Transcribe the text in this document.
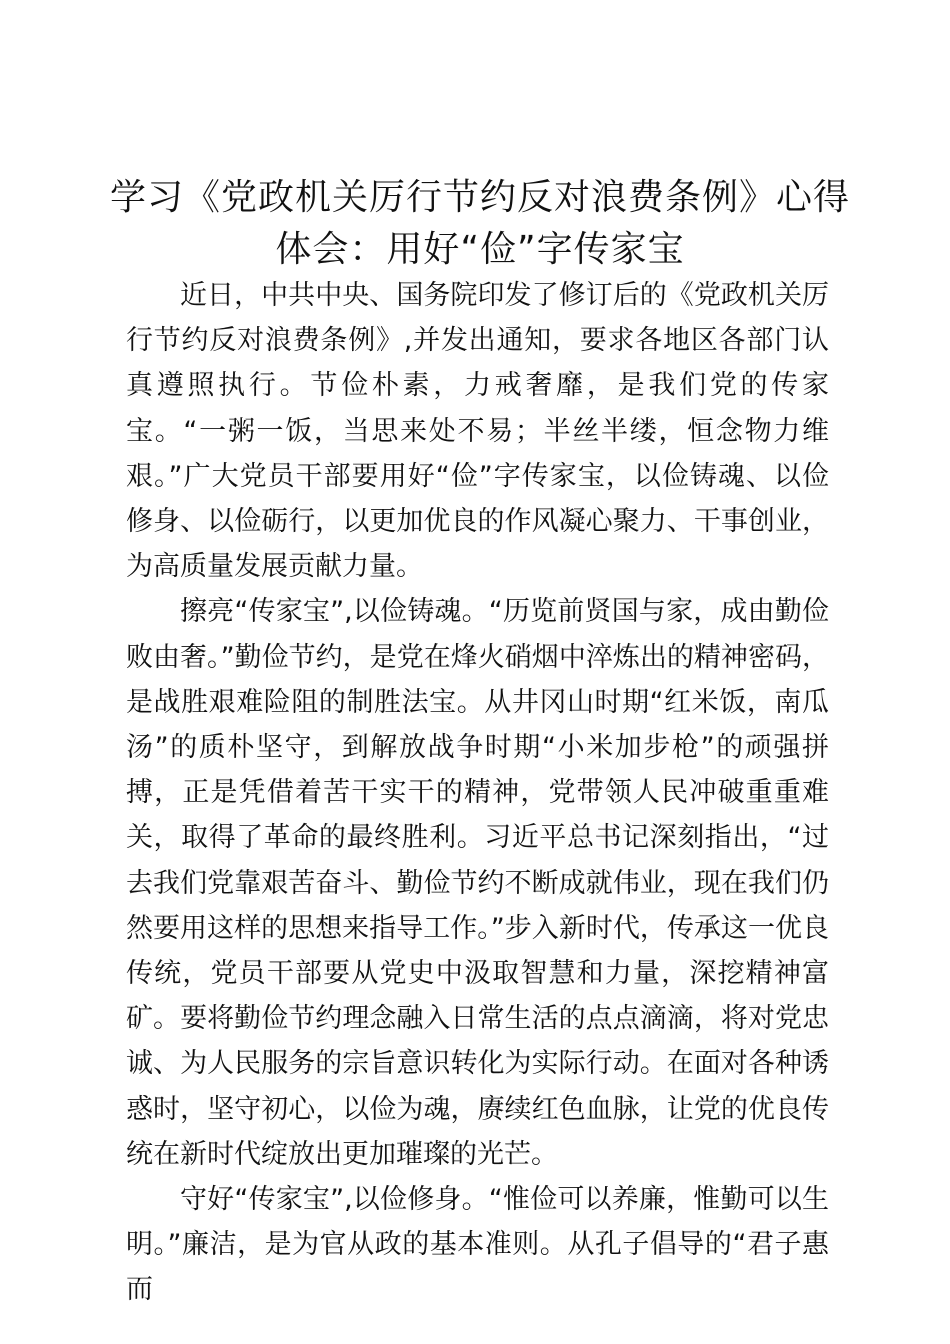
学习《党政机关厉行节约反对浪费条例》心得体会：用好“俭”字传家宝

近日，中共中央、国务院印发了修订后的《党政机关厉行节约反对浪费条例》,并发出通知，要求各地区各部门认真遵照执行。节俭朴素，力戒奢靡，是我们党的传家宝。“一粥一饭，当思来处不易；半丝半缕，恒念物力维艰。”广大党员干部要用好“俭”字传家宝，以俭铸魂、以俭修身、以俭砺行，以更加优良的作风凝心聚力、干事创业，为高质量发展贡献力量。

擦亮“传家宝”,以俭铸魂。“历览前贤国与家，成由勤俭败由奢。”勤俭节约，是党在烽火硝烟中淬炼出的精神密码，是战胜艰难险阻的制胜法宝。从井冈山时期“红米饭，南瓜汤”的质朴坚守，到解放战争时期“小米加步枪”的顽强拼搏，正是凭借着苦干实干的精神，党带领人民冲破重重难关，取得了革命的最终胜利。习近平总书记深刻指出，“过去我们党靠艰苦奋斗、勤俭节约不断成就伟业，现在我们仍然要用这样的思想来指导工作。”步入新时代，传承这一优良传统，党员干部要从党史中汲取智慧和力量，深挖精神富矿。要将勤俭节约理念融入日常生活的点点滴滴，将对党忠诚、为人民服务的宗旨意识转化为实际行动。在面对各种诱惑时，坚守初心，以俭为魂，赓续红色血脉，让党的优良传统在新时代绽放出更加璀璨的光芒。

守好“传家宝”,以俭修身。“惟俭可以养廉，惟勤可以生明。”廉洁，是为官从政的基本准则。从孔子倡导的“君子惠而
